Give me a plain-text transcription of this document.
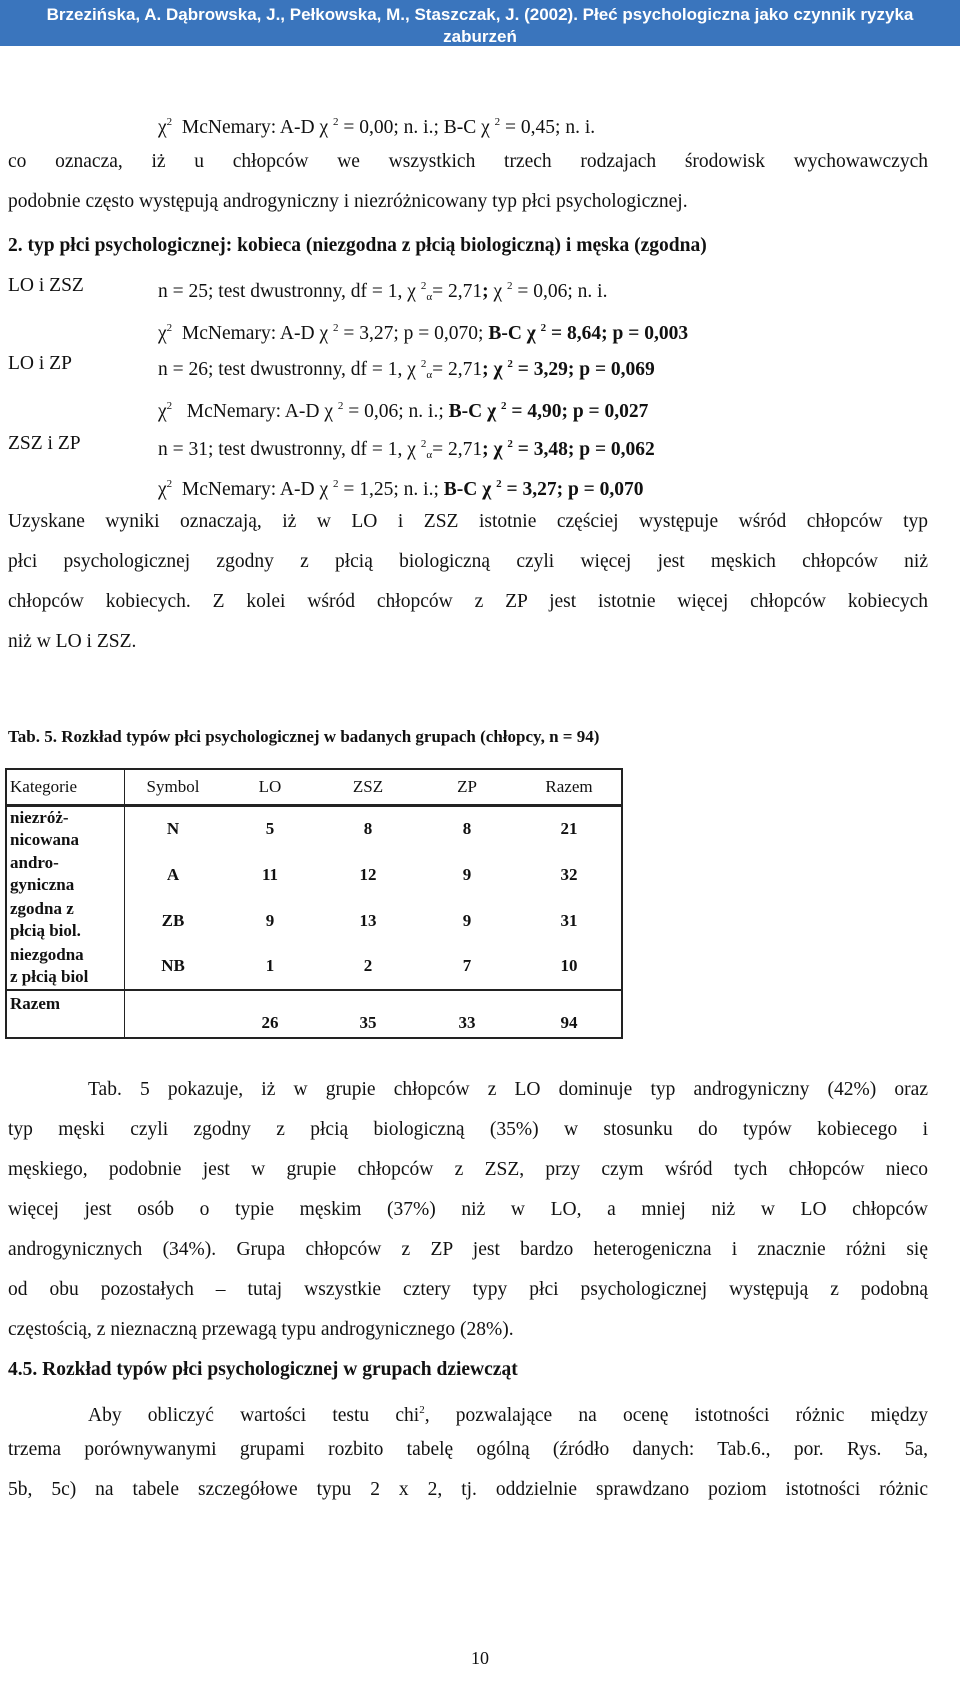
Brzezińska, A. Dąbrowska, J., Pełkowska, M., Staszczak, J. (2002). Płeć psychologiczna jako czynnik ryzyka zaburzeń
zachowania u młodzieży w drugiej fazie adolescencji. Czasopismo Psychologiczne, 8 (1), 75-28.
$\chi^2$  McNemary: A-D χ $^2$ = 0,00; n. i.; B-C χ $^2$ = 0,45; n. i.
co oznacza, iż u chłopców we wszystkich trzech rodzajach środowisk wychowawczych
podobnie często występują androgyniczny i niezróżnicowany typ płci psychologicznej.
2. typ płci psychologicznej: kobieca (niezgodna z płcią biologiczną) i męska (zgodna)
LO i ZSZ	n = 25; test dwustronny, df = 1, χ $^2_\alpha$= 2,71; χ $^2$ = 0,06; n. i.
$\chi^2$  McNemary: A-D χ $^2$ = 3,27; p = 0,070; B-C χ $^2$ = 8,64; p = 0,003
LO i ZP	n = 26; test dwustronny, df = 1, χ $^2_\alpha$= 2,71; χ $^2$ = 3,29; p = 0,069
$\chi^2$   McNemary: A-D χ $^2$ = 0,06; n. i.; B-C χ $^2$ = 4,90; p = 0,027
ZSZ i ZP	n = 31; test dwustronny, df = 1, χ $^2_\alpha$= 2,71; χ $^2$ = 3,48; p = 0,062
$\chi^2$  McNemary: A-D χ $^2$ = 1,25; n. i.; B-C χ $^2$ = 3,27; p = 0,070
Uzyskane wyniki oznaczają, iż w LO i ZSZ istotnie częściej występuje wśród chłopców typ
płci psychologicznej zgodny z płcią biologiczną czyli więcej jest męskich chłopców niż
chłopców kobiecych. Z kolei wśród chłopców z ZP jest istotnie więcej chłopców kobiecych
niż w LO i ZSZ.
Tab. 5. Rozkład typów płci psychologicznej w badanych grupach (chłopcy, n = 94)
Kategorie	Symbol	LO	ZSZ	ZP	Razem
niezróż-
nicowana	N	5	8	8	21
andro-
gyniczna	A	11	12	9	32
zgodna z
płcią biol.	ZB	9	13	9	31
niezgodna
z płcią biol	NB	1	2	7	10
Razem		26	35	33	94
Tab. 5 pokazuje, iż w grupie chłopców z LO dominuje typ androgyniczny (42%) oraz
typ męski czyli zgodny z płcią biologiczną (35%) w stosunku do typów kobiecego i
męskiego, podobnie jest w grupie chłopców z ZSZ, przy czym wśród tych chłopców nieco
więcej jest osób o typie męskim (37%) niż w LO, a mniej niż w LO chłopców
androgynicznych (34%). Grupa chłopców z ZP jest bardzo heterogeniczna i znacznie różni się
od obu pozostałych – tutaj wszystkie cztery typy płci psychologicznej występują z podobną
częstością, z nieznaczną przewagą typu androgynicznego (28%).
4.5. Rozkład typów płci psychologicznej w grupach dziewcząt
Aby obliczyć wartości testu chi$^2$, pozwalające na ocenę istotności różnic między
trzema porównywanymi grupami rozbito tabelę ogólną (źródło danych: Tab.6., por. Rys. 5a,
5b, 5c) na tabele szczegółowe typu 2 x 2, tj. oddzielnie sprawdzano poziom istotności różnic
10
